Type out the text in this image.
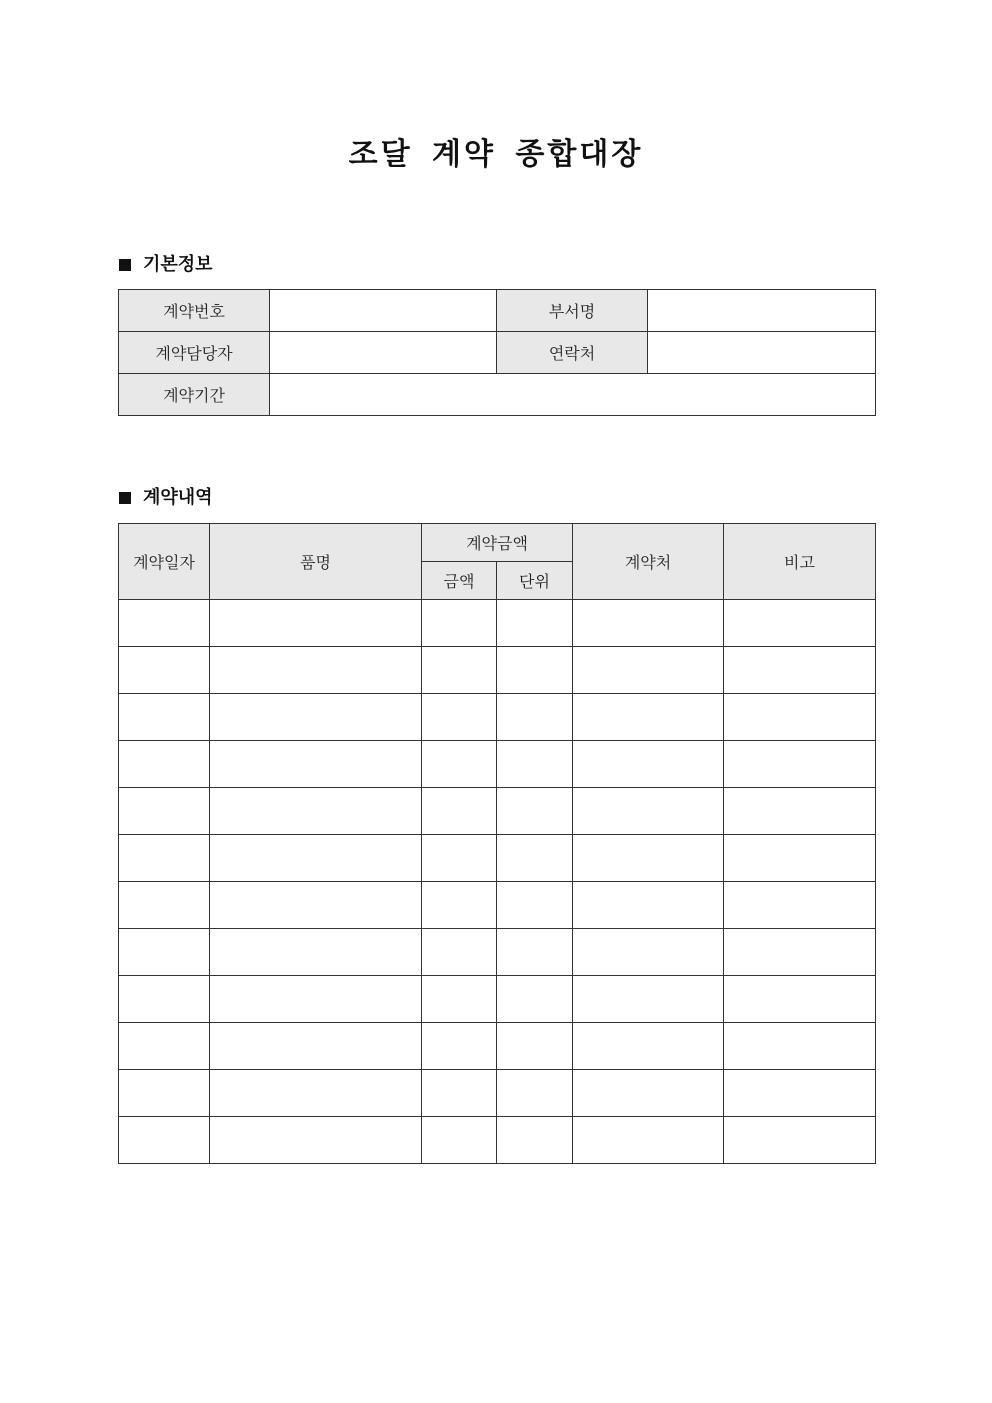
조달 계약 종합대장
기본정보
계약번호		부서명	
계약담당자		연락처	
계약기간			
계약내역
계약일자	품명	계약금액		계약처	비고
		금액	단위		
